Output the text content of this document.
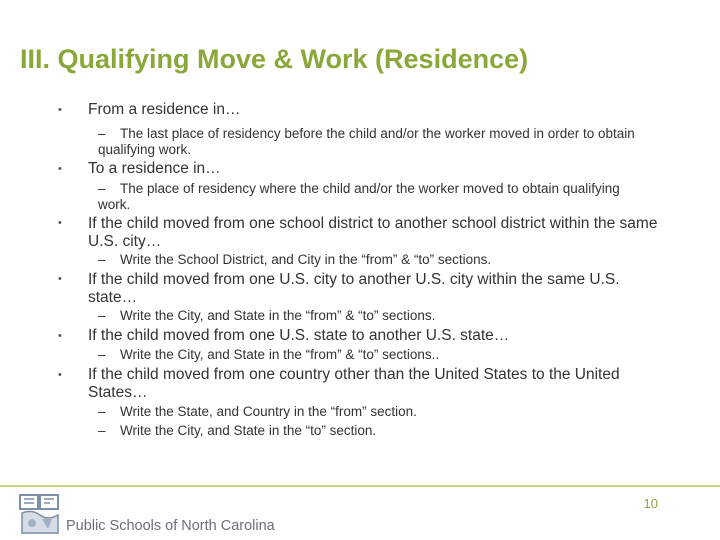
III. Qualifying Move & Work (Residence)
• From a residence in…
– The last place of residency before the child and/or the worker moved in order to obtain qualifying work.
• To a residence in…
– The place of residency where the child and/or the worker moved to obtain qualifying work.
• If the child moved from one school district to another school district within the same U.S. city…
– Write the School District, and City in the “from” & “to” sections.
• If the child moved from one U.S. city to another U.S. city within the same U.S. state…
– Write the City, and State in the “from” & “to” sections.
• If the child moved from one U.S. state to another U.S. state…
– Write the City, and State in the “from” & “to” sections..
• If the child moved from one country other than the United States to the United States…
– Write the State, and Country in the “from” section.
– Write the City, and State in the “to” section.
Public Schools of North Carolina
10
